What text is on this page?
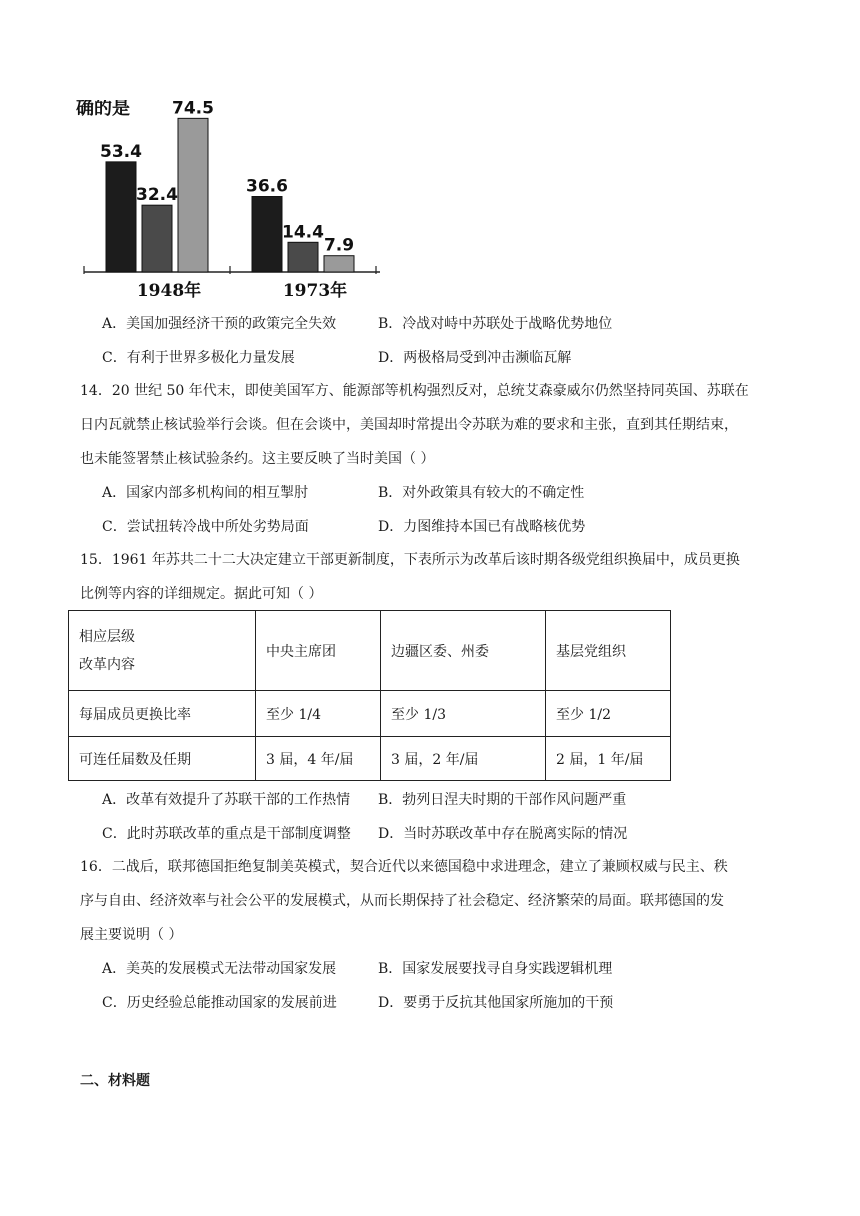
确的是
53.4
32.4
74.5
1948年
36.6
14.4
7.9
1973年
A．美国加强经济干预的政策完全失效	B．冷战对峙中苏联处于战略优势地位
C．有利于世界多极化力量发展	D．两极格局受到冲击濒临瓦解
14．20 世纪 50 年代末，即使美国军方、能源部等机构强烈反对，总统艾森豪威尔仍然坚持同英国、苏联在
日内瓦就禁止核试验举行会谈。但在会谈中，美国却时常提出令苏联为难的要求和主张，直到其任期结束，
也未能签署禁止核试验条约。这主要反映了当时美国（ ）
A．国家内部多机构间的相互掣肘	B．对外政策具有较大的不确定性
C．尝试扭转冷战中所处劣势局面	D．力图维持本国已有战略核优势
15．1961 年苏共二十二大决定建立干部更新制度，下表所示为改革后该时期各级党组织换届中，成员更换
比例等内容的详细规定。据此可知（ ）
相应层级
改革内容	中央主席团	边疆区委、州委	基层党组织
每届成员更换比率	至少 1/4	至少 1/3	至少 1/2
可连任届数及任期	3 届，4 年/届	3 届，2 年/届	2 届，1 年/届
A．改革有效提升了苏联干部的工作热情 B．勃列日涅夫时期的干部作风问题严重
C．此时苏联改革的重点是干部制度调整 D．当时苏联改革中存在脱离实际的情况
16．二战后，联邦德国拒绝复制美英模式，契合近代以来德国稳中求进理念，建立了兼顾权威与民主、秩
序与自由、经济效率与社会公平的发展模式，从而长期保持了社会稳定、经济繁荣的局面。联邦德国的发
展主要说明（ ）
A．美英的发展模式无法带动国家发展	B．国家发展要找寻自身实践逻辑机理
C．历史经验总能推动国家的发展前进	D．要勇于反抗其他国家所施加的干预
二、材料题
